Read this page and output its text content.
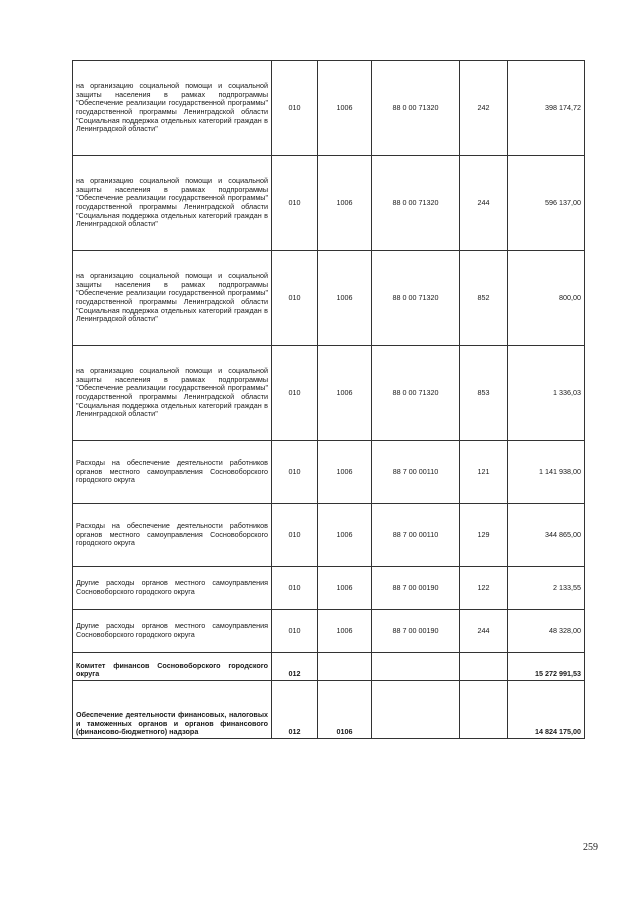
на организацию социальной помощи и социальной защиты населения в рамках подпрограммы "Обеспечение реализации государственной программы" государственной программы Ленинградской области "Социальная поддержка отдельных категорий граждан в Ленинградской области"	010	1006	88 0 00 71320	242	398 174,72
на организацию социальной помощи и социальной защиты населения в рамках подпрограммы "Обеспечение реализации государственной программы" государственной программы Ленинградской области "Социальная поддержка отдельных категорий граждан в Ленинградской области"	010	1006	88 0 00 71320	244	596 137,00
на организацию социальной помощи и социальной защиты населения в рамках подпрограммы "Обеспечение реализации государственной программы" государственной программы Ленинградской области "Социальная поддержка отдельных категорий граждан в Ленинградской области"	010	1006	88 0 00 71320	852	800,00
на организацию социальной помощи и социальной защиты населения в рамках подпрограммы "Обеспечение реализации государственной программы" государственной программы Ленинградской области "Социальная поддержка отдельных категорий граждан в Ленинградской области"	010	1006	88 0 00 71320	853	1 336,03
Расходы на обеспечение деятельности работников органов местного самоуправления Сосновоборского городского округа	010	1006	88 7 00 00110	121	1 141 938,00
Расходы на обеспечение деятельности работников органов местного самоуправления Сосновоборского городского округа	010	1006	88 7 00 00110	129	344 865,00
Другие расходы органов местного самоуправления Сосновоборского городского округа	010	1006	88 7 00 00190	122	2 133,55
Другие расходы органов местного самоуправления Сосновоборского городского округа	010	1006	88 7 00 00190	244	48 328,00
Комитет финансов Сосновоборского городского округа	012				15 272 991,53
Обеспечение деятельности финансовых, налоговых и таможенных органов и органов финансового (финансово-бюджетного) надзора	012	0106			14 824 175,00
259
